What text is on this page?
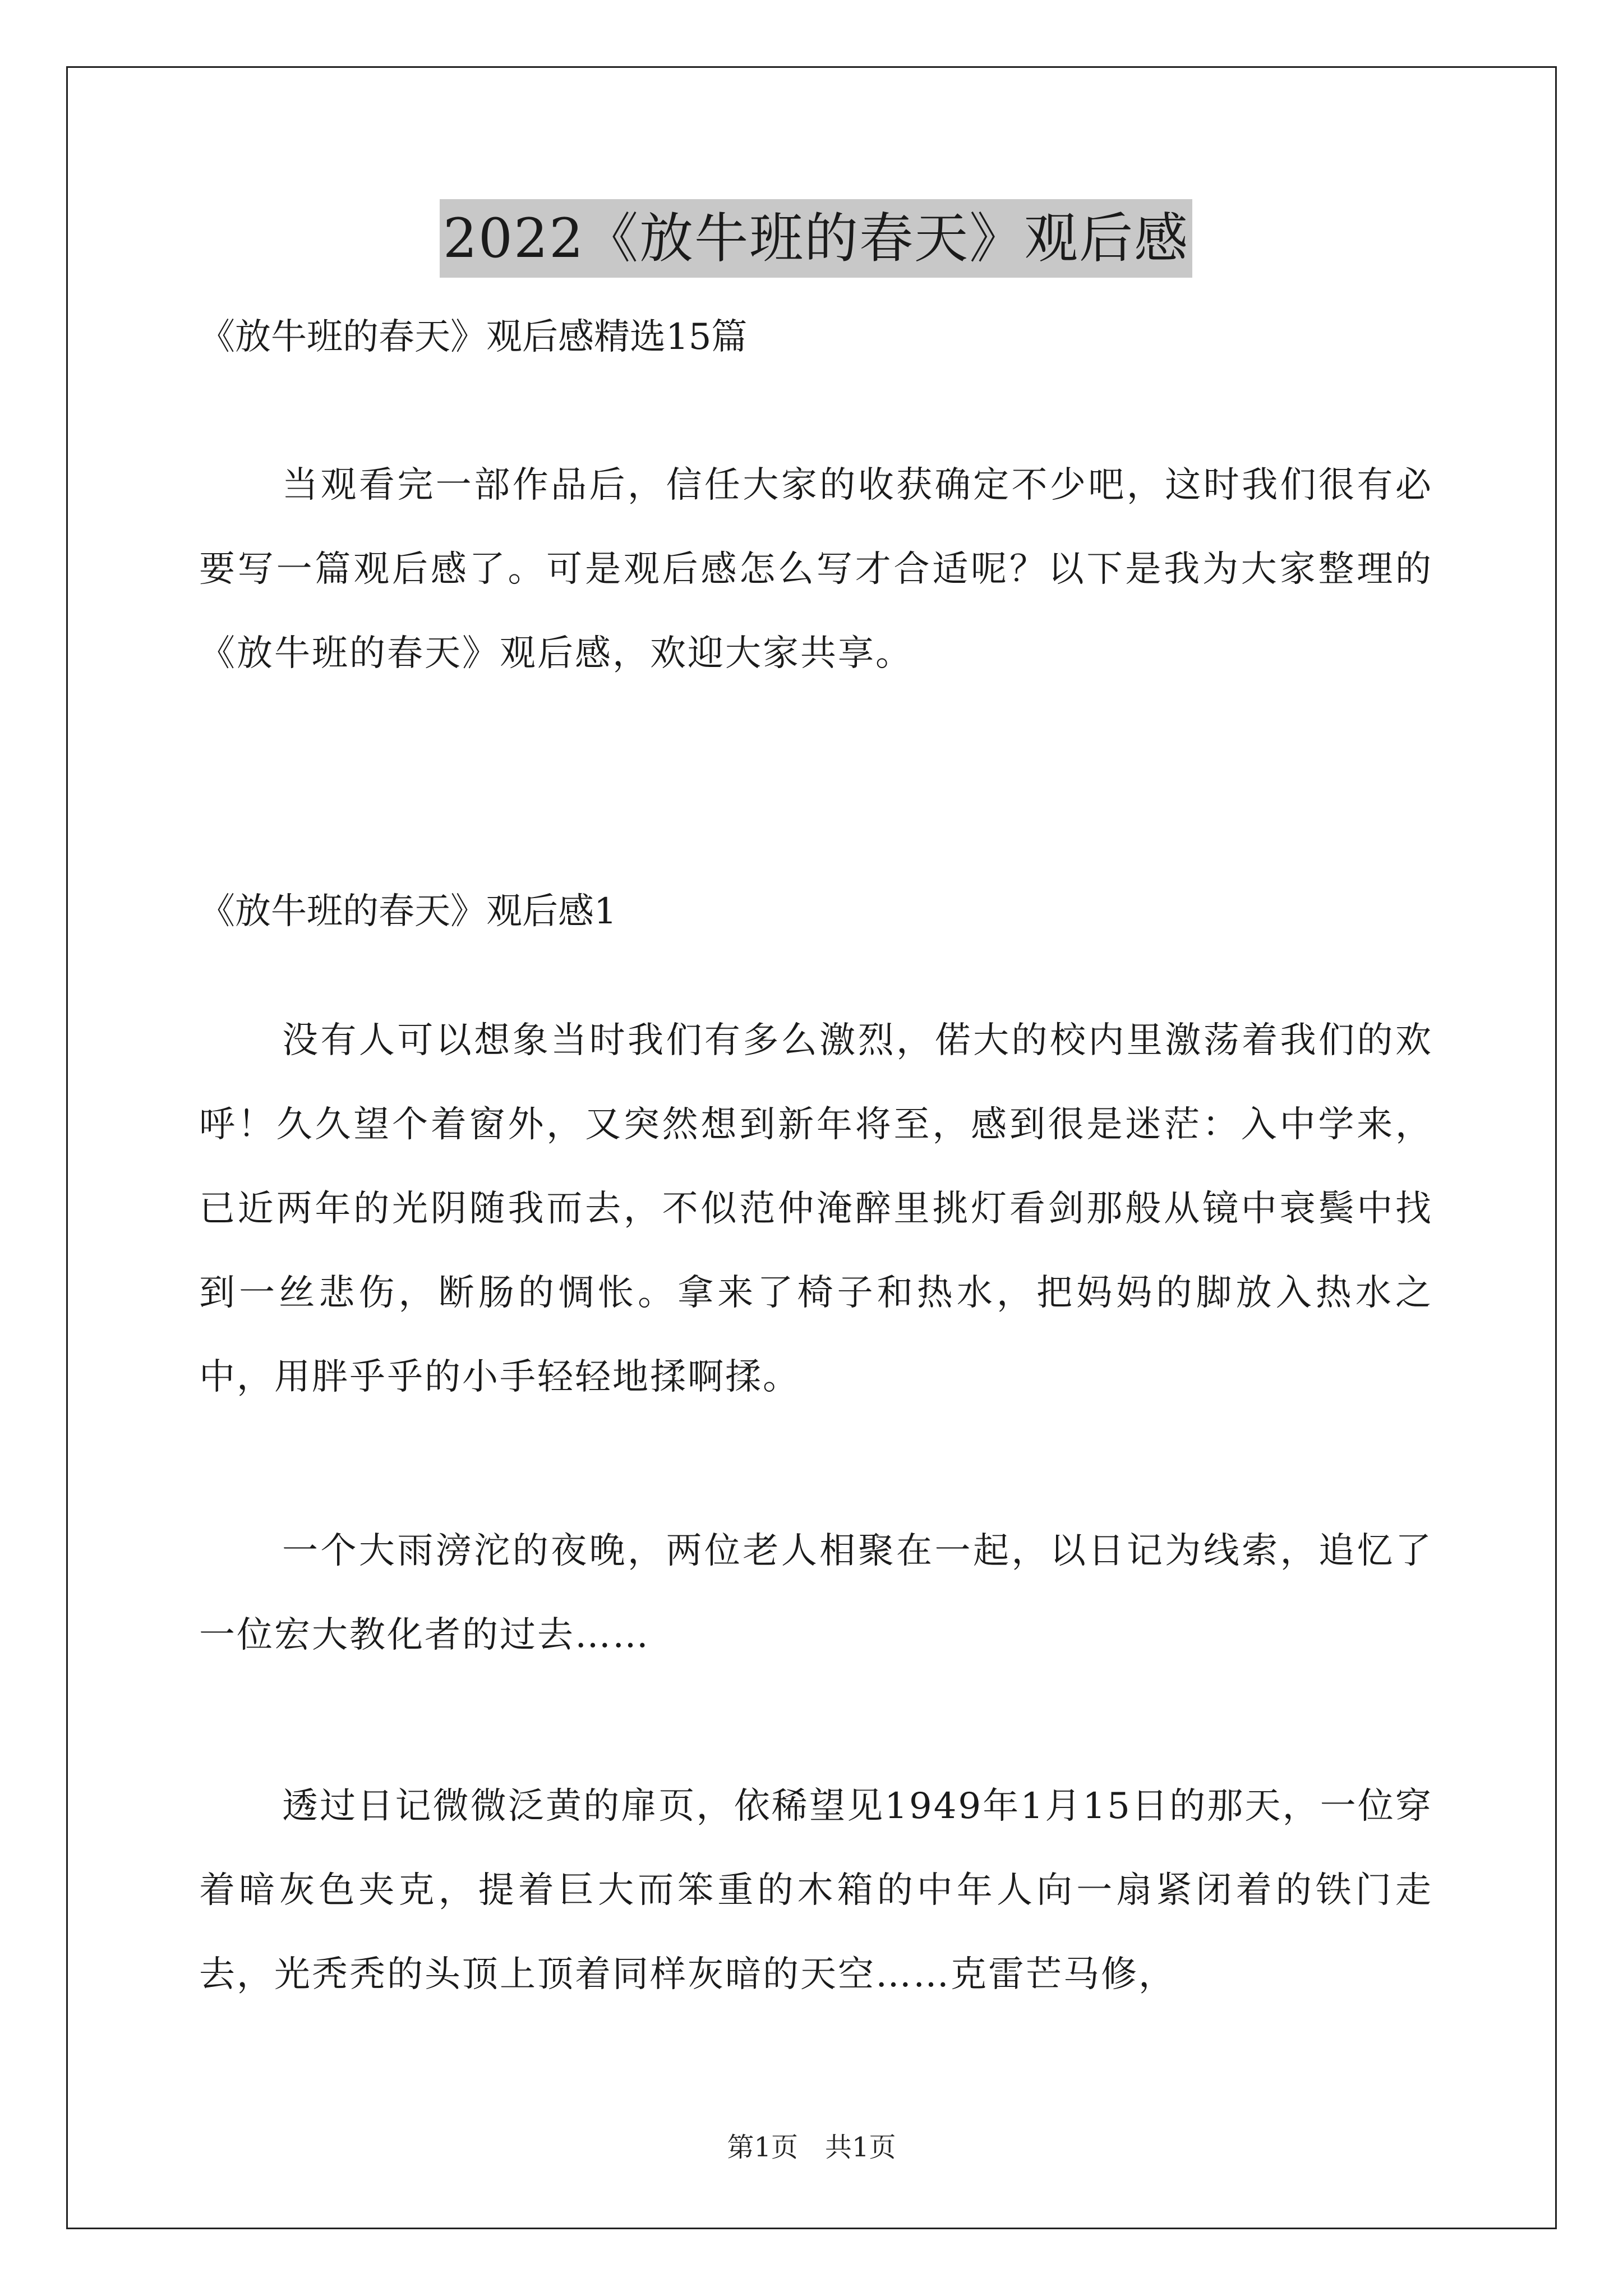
2022《放牛班的春天》观后感

《放牛班的春天》观后感精选15篇

当观看完一部作品后，信任大家的收获确定不少吧，这时我们很有必要写一篇观后感了。可是观后感怎么写才合适呢？以下是我为大家整理的《放牛班的春天》观后感，欢迎大家共享。

《放牛班的春天》观后感1

没有人可以想象当时我们有多么激烈，偌大的校内里激荡着我们的欢呼！久久望个着窗外，又突然想到新年将至，感到很是迷茫：入中学来，已近两年的光阴随我而去，不似范仲淹醉里挑灯看剑那般从镜中衰鬓中找到一丝悲伤，断肠的惆怅。拿来了椅子和热水，把妈妈的脚放入热水之中，用胖乎乎的小手轻轻地揉啊揉。

一个大雨滂沱的夜晚，两位老人相聚在一起，以日记为线索，追忆了一位宏大教化者的过去……

透过日记微微泛黄的扉页，依稀望见1949年1月15日的那天，一位穿着暗灰色夹克，提着巨大而笨重的木箱的中年人向一扇紧闭着的铁门走去，光秃秃的头顶上顶着同样灰暗的天空……克雷芒马修，

第1页 共1页
